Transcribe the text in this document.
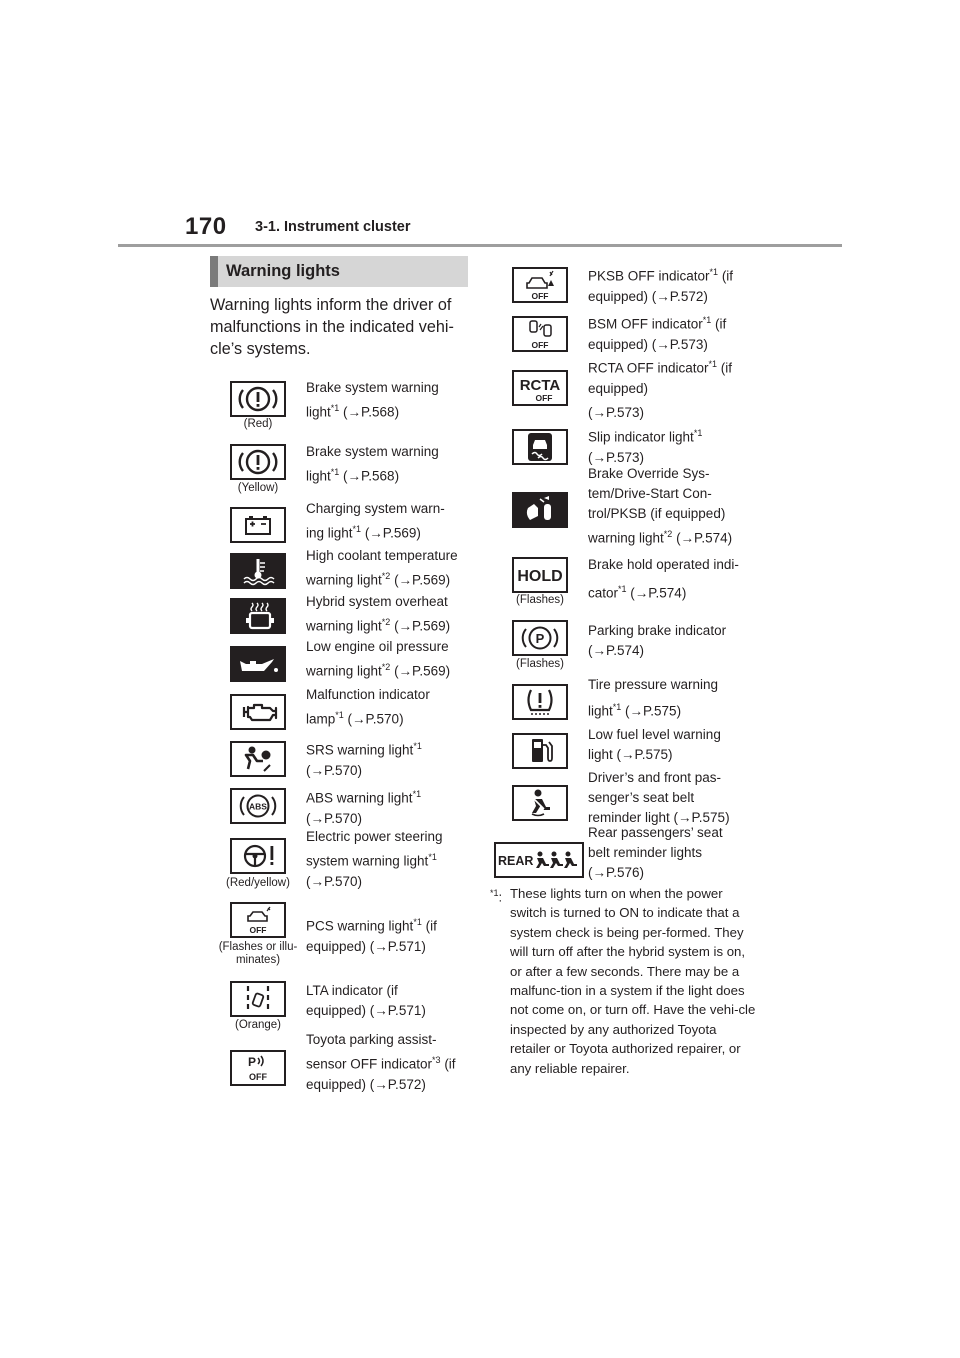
170 3-1. Instrument cluster
Warning lights
Warning lights inform the driver of malfunctions in the indicated vehi-cle’s systems.
(Red)
Brake system warning
light$^{*1}$ (→P.568)
(Yellow)
Brake system warning
light$^{*1}$ (→P.568)
Charging system warn-
ing light$^{*1}$ (→P.569)
High coolant temperature
warning light$^{*2}$ (→P.569)
Hybrid system overheat
warning light$^{*2}$ (→P.569)
Low engine oil pressure
warning light$^{*2}$ (→P.569)
Malfunction indicator
lamp$^{*1}$ (→P.570)
SRS warning light$^{*1}$
(→P.570)
ABS
ABS warning light$^{*1}$
(→P.570)
(Red/yellow)
Electric power steering
system warning light$^{*1}$
(→P.570)
OFF
(Flashes or illu-minates)
PCS warning light$^{*1}$ (if
equipped) (→P.571)
(Orange)
LTA indicator (if
equipped) (→P.571)
P
OFF
Toyota parking assist-
sensor OFF indicator$^{*3}$ (if
equipped) (→P.572)
OFF
PKSB OFF indicator$^{*1}$ (if
equipped) (→P.572)
OFF
BSM OFF indicator$^{*1}$ (if
equipped) (→P.573)
RCTA
OFF
RCTA OFF indicator$^{*1}$ (if
equipped)
(→P.573)
Slip indicator light$^{*1}$
(→P.573)
Brake Override Sys-
tem/Drive-Start Con-
trol/PKSB (if equipped)
warning light$^{*2}$ (→P.574)
HOLD
(Flashes)
Brake hold operated indi-
cator$^{*1}$ (→P.574)
P
(Flashes)
Parking brake indicator
(→P.574)
Tire pressure warning
light$^{*1}$ (→P.575)
Low fuel level warning
light (→P.575)
Driver’s and front pas-
senger’s seat belt
reminder light (→P.575)
REAR
Rear passengers’ seat
belt reminder lights
(→P.576)
$^{*1}$: These lights turn on when the power switch is turned to ON to indicate that a system check is being per-formed. They will turn off after the hybrid system is on, or after a few seconds. There may be a malfunc-tion in a system if the light does not come on, or turn off. Have the vehi-cle inspected by any authorized Toyota retailer or Toyota authorized repairer, or any reliable repairer.
